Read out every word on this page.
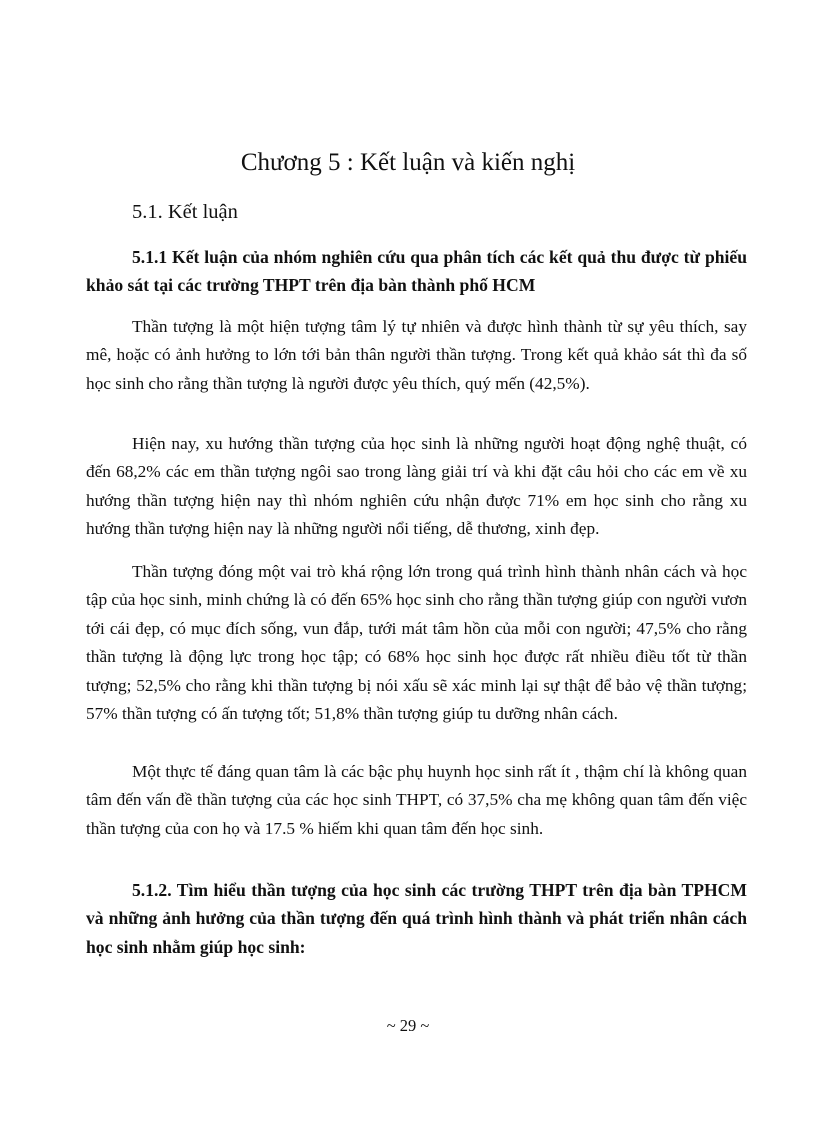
Chương 5 : Kết luận và kiến nghị
5.1. Kết luận

5.1.1 Kết luận của nhóm nghiên cứu qua phân tích các kết quả thu được từ phiếu khảo sát tại các trường THPT trên địa bàn thành phố HCM

Thần tượng là một hiện tượng tâm lý tự nhiên và được hình thành từ sự yêu thích, say mê, hoặc có ảnh hưởng to lớn tới bản thân người thần tượng. Trong kết quả khảo sát thì đa số học sinh cho rằng thần tượng là người được yêu thích, quý mến (42,5%).

Hiện nay, xu hướng thần tượng của học sinh là những người hoạt động nghệ thuật, có đến 68,2% các em thần tượng ngôi sao trong làng giải trí và khi đặt câu hỏi cho các em về xu hướng thần tượng hiện nay thì nhóm nghiên cứu nhận được 71% em học sinh cho rằng xu hướng thần tượng hiện nay là những người nổi tiếng, dễ thương, xinh đẹp.

Thần tượng đóng một vai trò khá rộng lớn trong quá trình hình thành nhân cách và học tập của học sinh, minh chứng là có đến 65% học sinh cho rằng thần tượng giúp con người vươn tới cái đẹp, có mục đích sống, vun đắp, tưới mát tâm hồn của mỗi con người; 47,5% cho rằng thần tượng là động lực trong học tập; có 68% học sinh học được rất nhiều điều tốt từ thần tượng; 52,5% cho rằng khi thần tượng bị nói xấu sẽ xác minh lại sự thật để bảo vệ thần tượng; 57% thần tượng có ấn tượng tốt; 51,8% thần tượng giúp tu dưỡng nhân cách.

Một thực tế đáng quan tâm là các bậc phụ huynh học sinh rất ít , thậm chí là không quan tâm đến vấn đề thần tượng của các học sinh THPT, có 37,5% cha mẹ không quan tâm đến việc thần tượng của con họ và 17.5 % hiếm khi quan tâm đến học sinh.

5.1.2. Tìm hiểu thần tượng của học sinh các trường THPT trên địa bàn TPHCM và những ảnh hưởng của thần tượng đến quá trình hình thành và phát triển nhân cách học sinh nhằm giúp học sinh:

~ 29 ~
